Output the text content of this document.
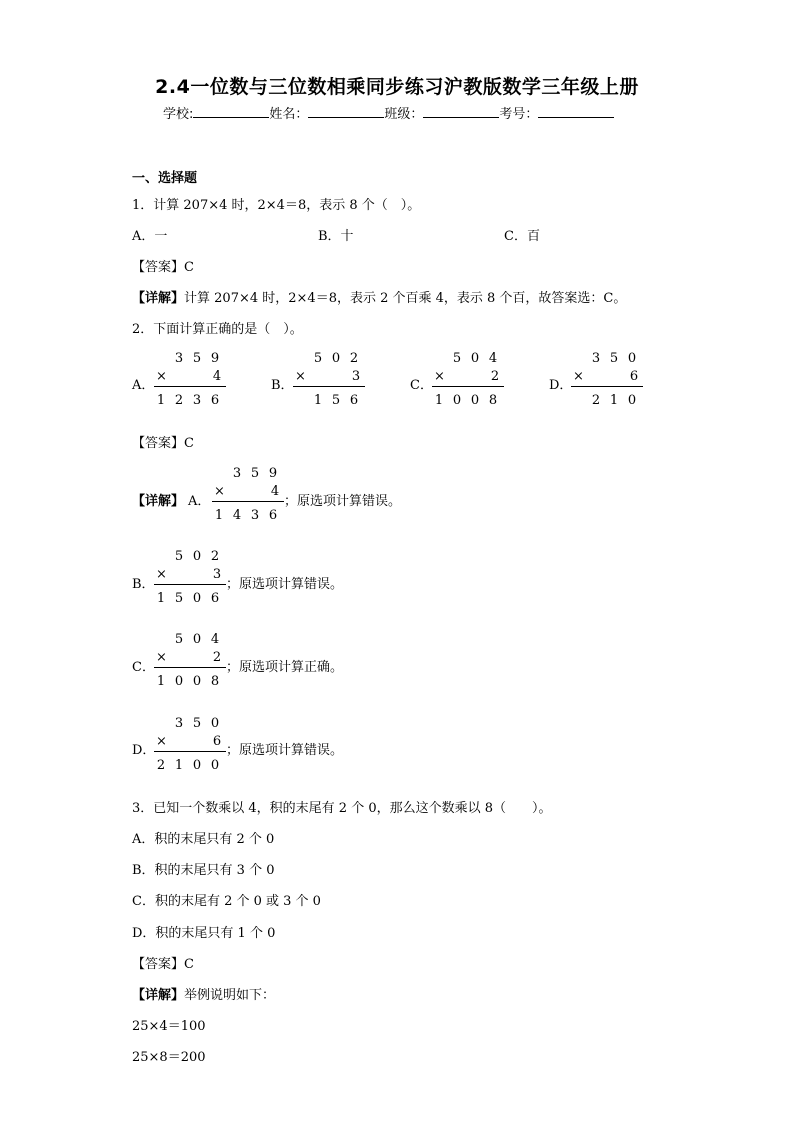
2.4一位数与三位数相乘同步练习沪教版数学三年级上册
学校:	姓名：	班级：	考号：
一、选择题
1．计算 207×4 时，2×4＝8，表示 8 个（　）。
A．一	B．十	C．百
【答案】C
【详解】计算 207×4 时，2×4＝8，表示 2 个百乘 4，表示 8 个百，故答案选：C。
2．下面计算正确的是（　）。
A．
3 5 9
×	4
1 2 3 6
B．
5 0 2
×	3
1 5 6
C．
5 0 4
×	2
1 0 0 8
D．
3 5 0
×	6
2 1 0
【答案】C
【详解】 A．
3 5 9
×	4
1 4 3 6
；原选项计算错误。
B．
5 0 2
×	3
1 5 0 6
；原选项计算错误。
C．
5 0 4
×	2
1 0 0 8
；原选项计算正确。
D．
3 5 0
×	6
2 1 0 0
；原选项计算错误。
3．已知一个数乘以 4，积的末尾有 2 个 0，那么这个数乘以 8（　　）。
A．积的末尾只有 2 个 0
B．积的末尾只有 3 个 0
C．积的末尾有 2 个 0 或 3 个 0
D．积的末尾只有 1 个 0
【答案】C
【详解】举例说明如下：
25×4＝100
25×8＝200
